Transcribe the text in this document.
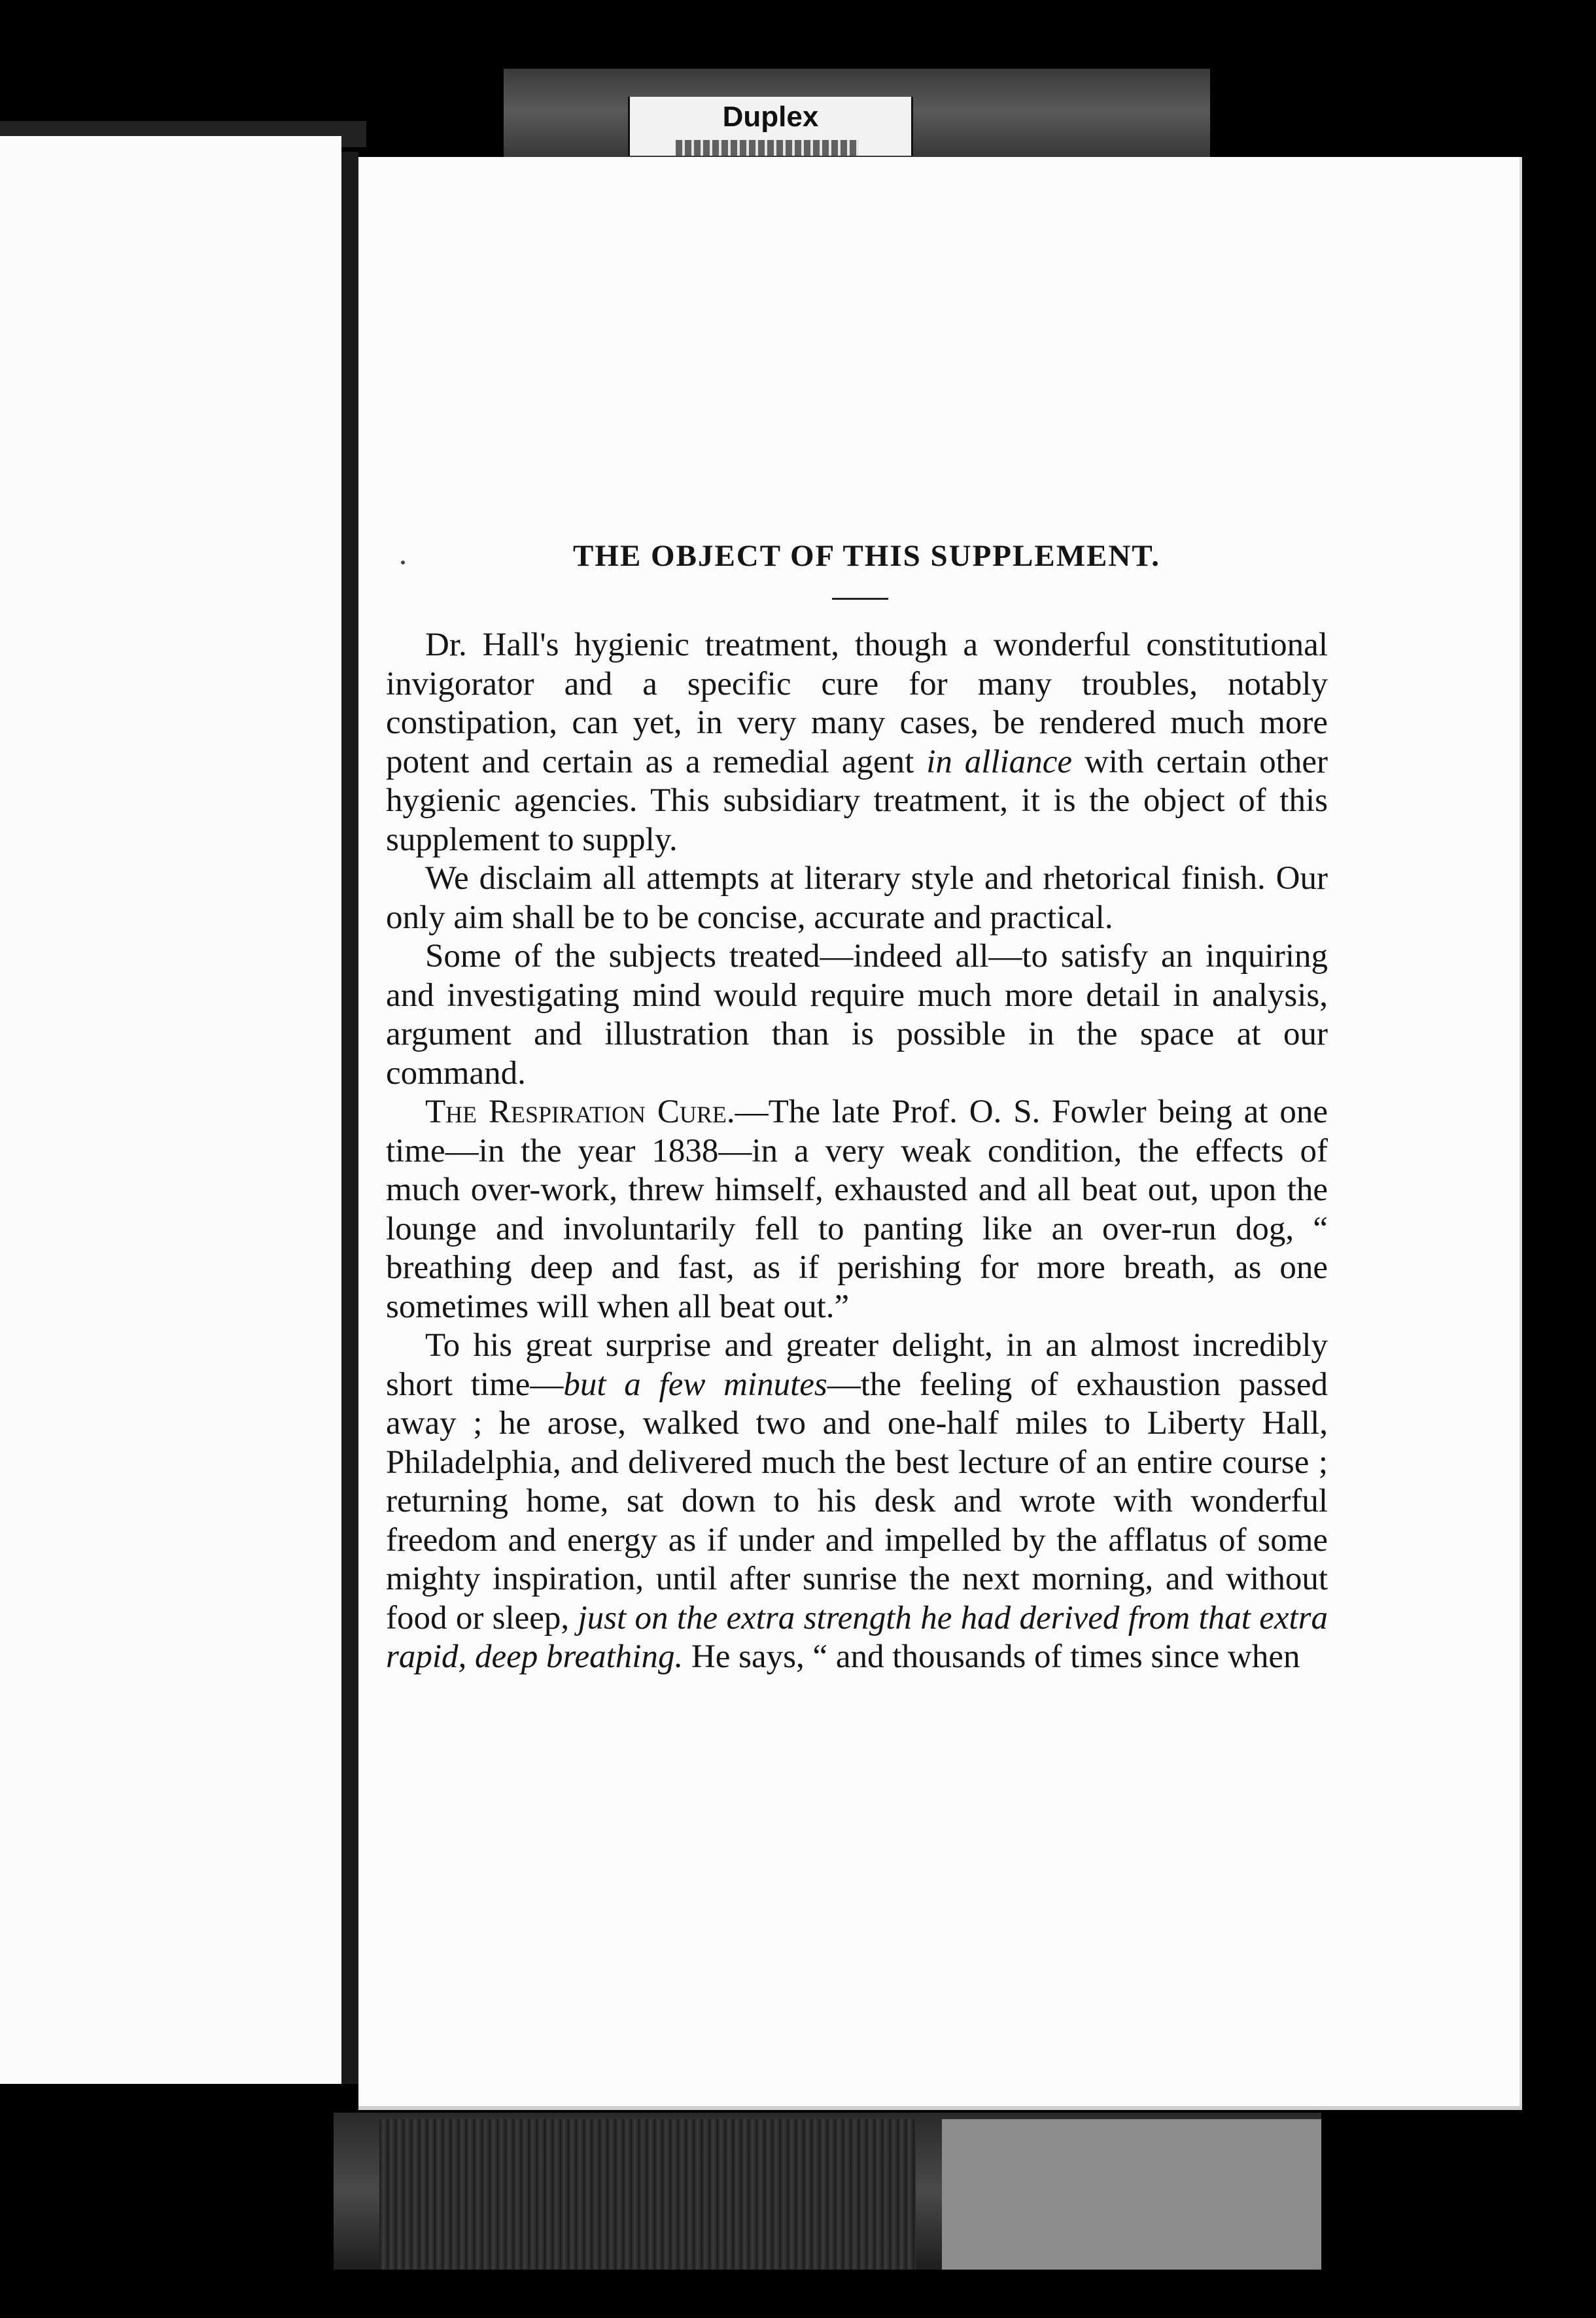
Duplex
THE OBJECT OF THIS SUPPLEMENT.

Dr. Hall's hygienic treatment, though a wonderful constitutional invigorator and a specific cure for many troubles, notably constipation, can yet, in very many cases, be rendered much more potent and certain as a remedial agent in alliance with certain other hygienic agencies. This subsidiary treatment, it is the object of this supplement to supply.

We disclaim all attempts at literary style and rhetorical finish. Our only aim shall be to be concise, accurate and practical.

Some of the subjects treated—indeed all—to satisfy an inquiring and investigating mind would require much more detail in analysis, argument and illustration than is possible in the space at our command.

The Respiration Cure.—The late Prof. O. S. Fowler being at one time—in the year 1838—in a very weak condition, the effects of much over-work, threw himself, exhausted and all beat out, upon the lounge and involuntarily fell to panting like an over-run dog, “ breathing deep and fast, as if perishing for more breath, as one sometimes will when all beat out.”

To his great surprise and greater delight, in an almost incredibly short time—but a few minutes—the feeling of exhaustion passed away ; he arose, walked two and one-half miles to Liberty Hall, Philadelphia, and delivered much the best lecture of an entire course ; returning home, sat down to his desk and wrote with wonderful freedom and energy as if under and impelled by the afflatus of some mighty inspiration, until after sunrise the next morning, and without food or sleep, just on the extra strength he had derived from that extra rapid, deep breathing. He says, “ and thousands of times since when
